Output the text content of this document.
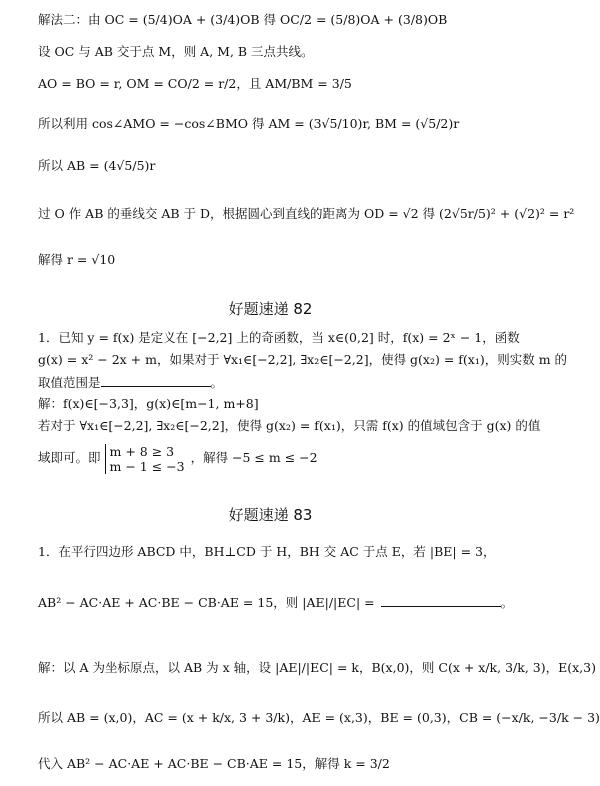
解法二：由 OC = (5/4)OA + (3/4)OB 得 OC/2 = (5/8)OA + (3/8)OB
设 OC 与 AB 交于点 M，则 A, M, B 三点共线。
AO = BO = r, OM = CO/2 = r/2，且 AM/BM = 3/5
所以利用 cos∠AMO = −cos∠BMO 得 AM = (3√5/10)r, BM = (√5/2)r
所以 AB = (4√5/5)r
过 O 作 AB 的垂线交 AB 于 D，根据圆心到直线的距离为 OD = √2 得 (2√5r/5)² + (√2)² = r²
解得 r = √10
好题速递 82
1．已知 y = f(x) 是定义在 [−2,2] 上的奇函数，当 x∈(0,2] 时，f(x) = 2ˣ − 1，函数
g(x) = x² − 2x + m，如果对于 ∀x₁∈[−2,2], ∃x₂∈[−2,2]，使得 g(x₂) = f(x₁)，则实数 m 的
取值范围是	。
解：f(x)∈[−3,3]，g(x)∈[m−1, m+8]
若对于 ∀x₁∈[−2,2], ∃x₂∈[−2,2]，使得 g(x₂) = f(x₁)，只需 f(x) 的值域包含于 g(x) 的值
域即可。即 m + 8 ≥ 3
m − 1 ≤ −3 ，解得 −5 ≤ m ≤ −2
好题速递 83
1．在平行四边形 ABCD 中，BH⊥CD 于 H，BH 交 AC 于点 E，若 |BE| = 3，
AB² − AC·AE + AC·BE − CB·AE = 15，则 |AE|/|EC| =	。
解：以 A 为坐标原点，以 AB 为 x 轴，设 |AE|/|EC| = k，B(x,0)，则 C(x + x/k, 3/k, 3)，E(x,3)
所以 AB = (x,0)，AC = (x + k/x, 3 + 3/k)，AE = (x,3)，BE = (0,3)，CB = (−x/k, −3/k − 3)
代入 AB² − AC·AE + AC·BE − CB·AE = 15，解得 k = 3/2
